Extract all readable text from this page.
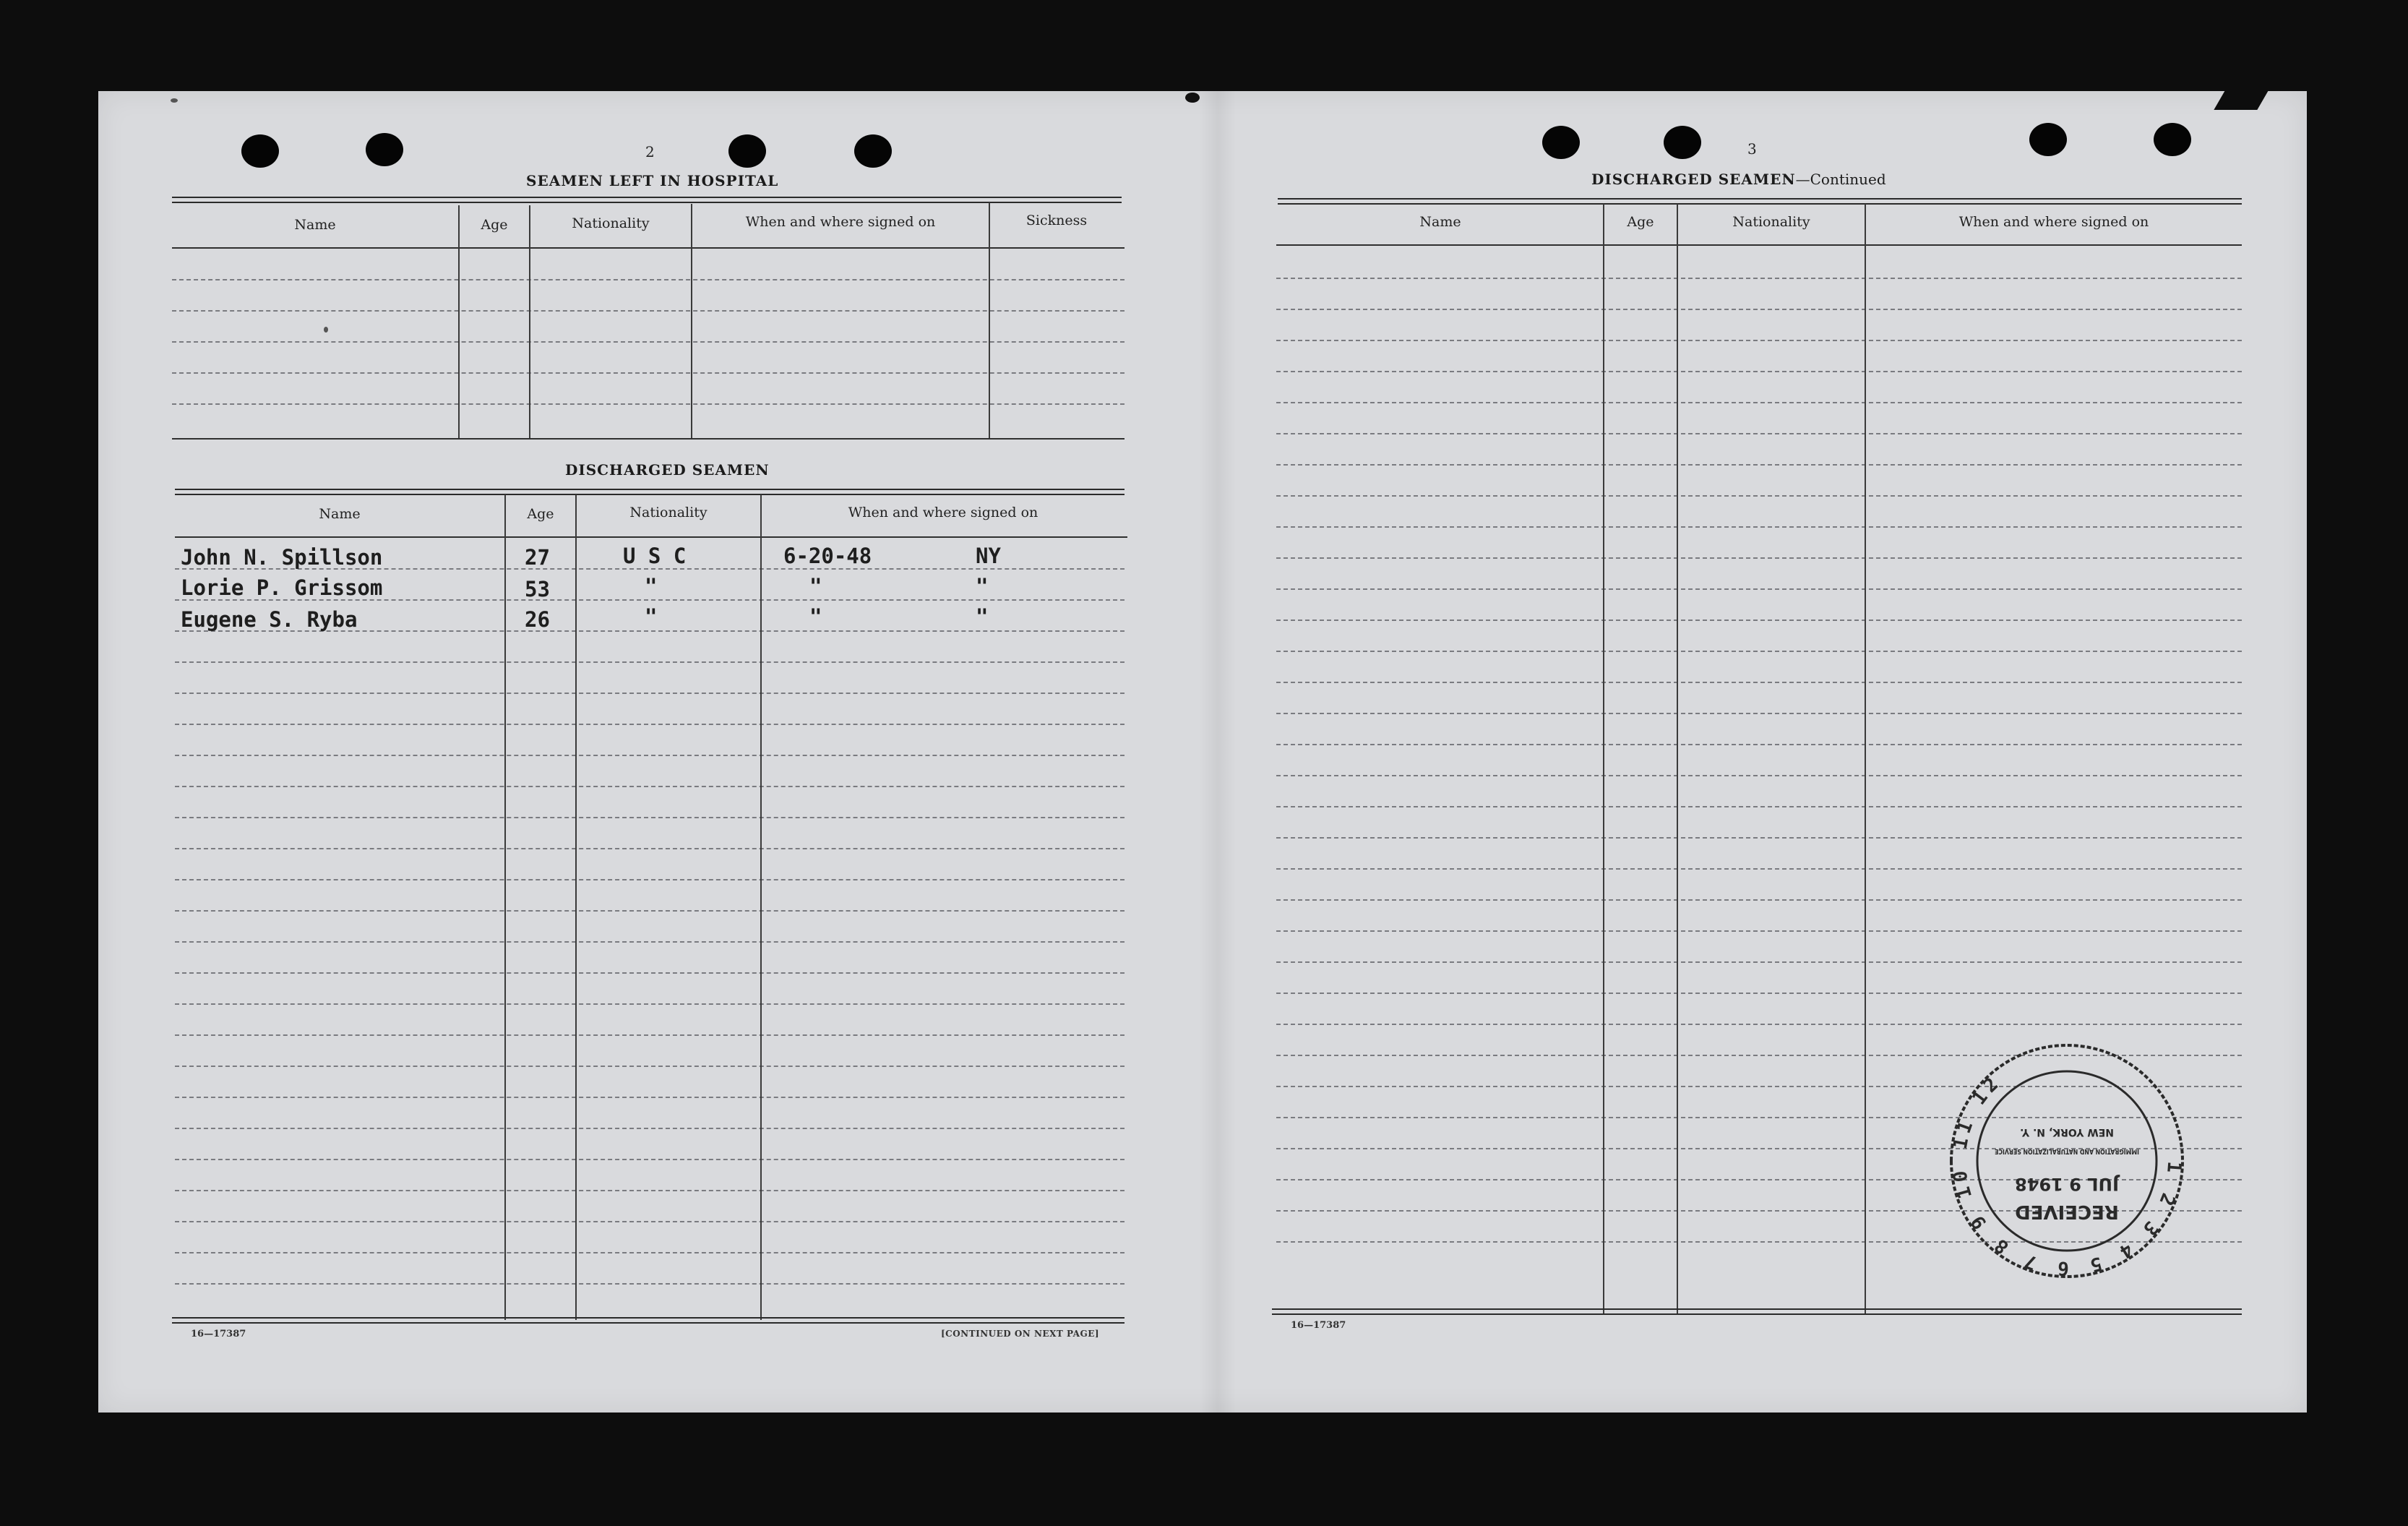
2
SEAMEN LEFT IN HOSPITAL
Name	Age	Nationality	When and where signed on	Sickness
DISCHARGED SEAMEN
Name	Age	Nationality	When and where signed on
John N. Spillson	27	U S C	6-20-48	NY
Lorie P. Grissom	53	"	"	"
Eugene S. Ryba	26	"	"	"
16—17387	[CONTINUED ON NEXT PAGE]
3
DISCHARGED SEAMEN—Continued
Name	Age	Nationality	When and where signed on
16—17387
1 2 3 4 5 6 7 8 9 10 11 12
RECEIVED
JUL 9 1948
IMMIGRATION AND NATURALIZATION SERVICE
NEW YORK, N. Y.
